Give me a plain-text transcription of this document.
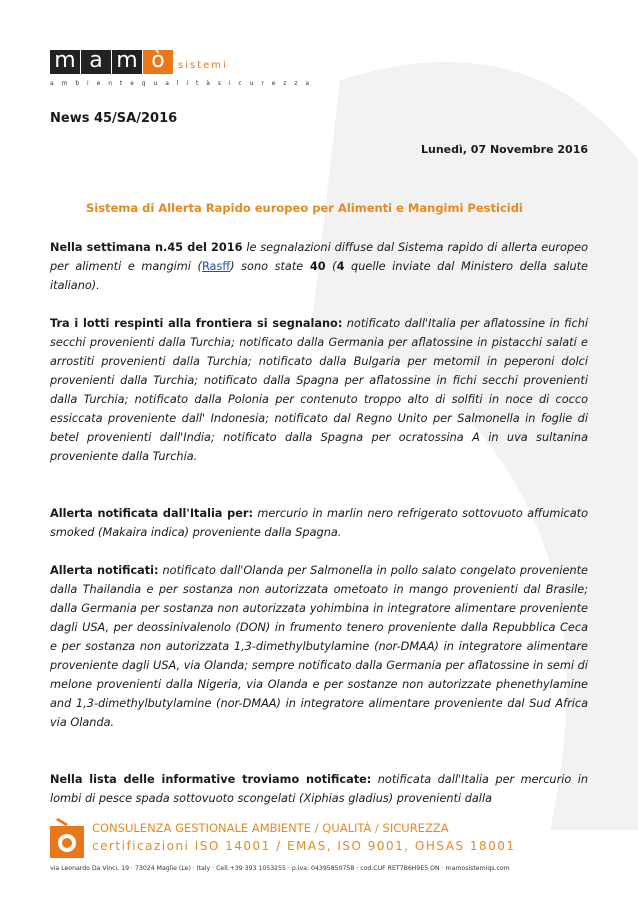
m a m ò	sistemi
a m b i e n t e q u a l i t à s i c u r e z z a
News 45/SA/2016
Lunedì, 07 Novembre 2016
Sistema di Allerta Rapido europeo per Alimenti e Mangimi Pesticidi
Nella settimana n.45 del 2016 le segnalazioni diffuse dal Sistema rapido di allerta europeo per alimenti e mangimi (Rasff) sono state 40 (4 quelle inviate dal Ministero della salute italiano).
Tra i lotti respinti alla frontiera si segnalano: notificato dall'Italia per aflatossine in fichi secchi provenienti dalla Turchia; notificato dalla Germania per aflatossine in pistacchi salati e arrostiti provenienti dalla Turchia; notificato dalla Bulgaria per metomil in peperoni dolci provenienti dalla Turchia; notificato dalla Spagna per aflatossine in fichi secchi provenienti dalla Turchia; notificato dalla Polonia per contenuto troppo alto di solfiti in noce di cocco essiccata proveniente dall' Indonesia; notificato dal Regno Unito per Salmonella in foglie di betel provenienti dall'India; notificato dalla Spagna per ocratossina A in uva sultanina proveniente dalla Turchia.
Allerta notificata dall'Italia per: mercurio in marlin nero refrigerato sottovuoto affumicato smoked (Makaira indica) proveniente dalla Spagna.
Allerta notificati: notificato dall'Olanda per Salmonella in pollo salato congelato proveniente dalla Thailandia e per sostanza non autorizzata ometoato in mango provenienti dal Brasile; dalla Germania per sostanza non autorizzata yohimbina in integratore alimentare proveniente dagli USA, per deossinivalenolo (DON) in frumento tenero proveniente dalla Repubblica Ceca e per sostanza non autorizzata 1,3-dimethylbutylamine (nor-DMAA) in integratore alimentare proveniente dagli USA, via Olanda; sempre notificato dalla Germania per aflatossine in semi di melone provenienti dalla Nigeria, via Olanda e per sostanze non autorizzate phenethylamine and 1,3-dimethylbutylamine (nor-DMAA) in integratore alimentare proveniente dal Sud Africa via Olanda.
Nella lista delle informative troviamo notificate: notificata dall'Italia per mercurio in lombi di pesce spada sottovuoto scongelati (Xiphias gladius) provenienti dalla
CONSULENZA GESTIONALE AMBIENTE / QUALITÀ / SICUREZZA
certificazioni ISO 14001 / EMAS, ISO 9001, OHSAS 18001
via Leonardo Da Vinci, 19 · 73024 Maglie (Le) · Italy · Cell.+39 393 1053255 · p.iva: 04395850758 · cod.CUF RET7B6H9E5 ON · mamosistemiqs.com
